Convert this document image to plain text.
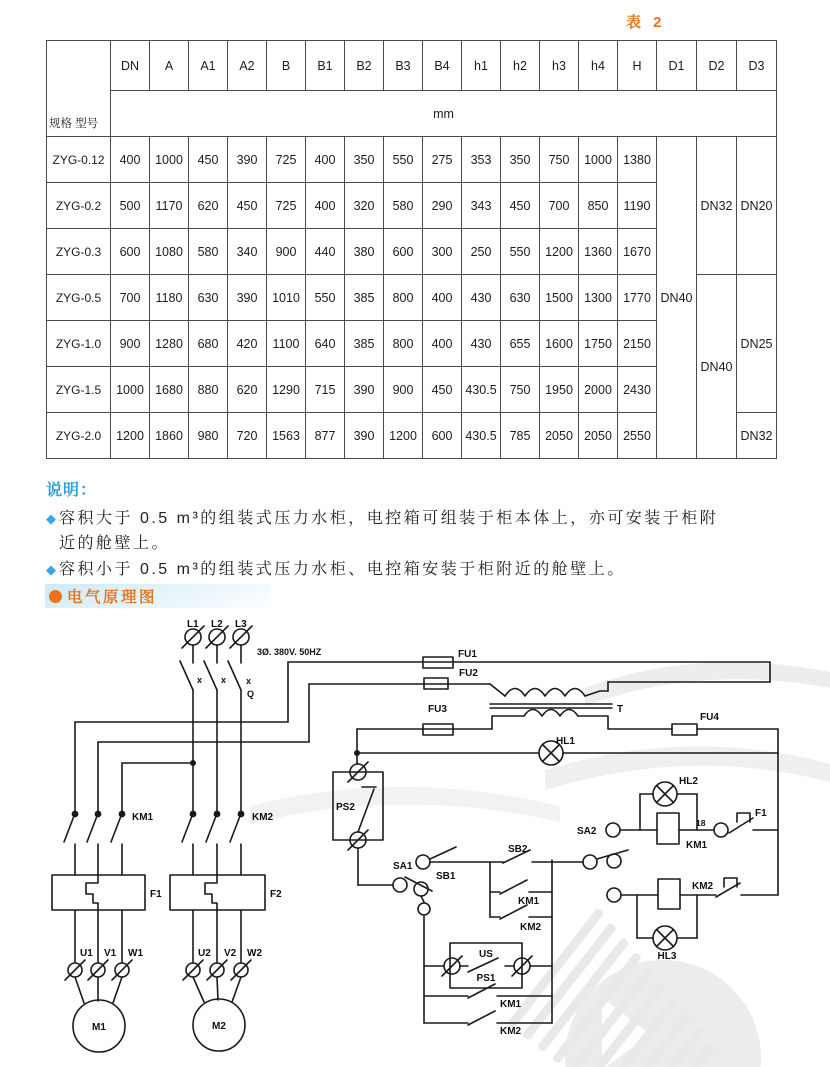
表 2
规格 型号	DN	A	A1	A2	B	B1	B2	B3	B4	h1	h2	h3	h4	H	D1	D2	D3
	mm																
ZYG-0.12	400	1000	450	390	725	400	350	550	275	353	350	750	1000	1380	DN40	DN32	DN20
ZYG-0.2	500	1170	620	450	725	400	320	580	290	343	450	700	850	1190			
ZYG-0.3	600	1080	580	340	900	440	380	600	300	250	550	1200	1360	1670			
ZYG-0.5	700	1180	630	390	1010	550	385	800	400	430	630	1500	1300	1770		DN40	DN25
ZYG-1.0	900	1280	680	420	1100	640	385	800	400	430	655	1600	1750	2150			
ZYG-1.5	1000	1680	880	620	1290	715	390	900	450	430.5	750	1950	2000	2430			
ZYG-2.0	1200	1860	980	720	1563	877	390	1200	600	430.5	785	2050	2050	2550			DN32
说明：
◆ 容积大于 0.5 m³的组装式压力水柜，电控箱可组装于柜本体上，亦可安装于柜附近的舱壁上。
◆ 容积小于 0.5 m³的组装式压力水柜、电控箱安装于柜附近的舱壁上。
电气原理图
L1 L2 L3
3Ø. 380V. 50HZ
x x x
Q
KM1	KM2
F1	F2
U1 V1 W1
M1
U2 V2 W2
M2
FU1
FU2
T
FU3
FU4
HL1
PS2
SA1
SB1
SB2
KM1
KM2
SA2
HL2
KM1
18
F1
KM2
HL3
US
PS1
KM1
KM2
